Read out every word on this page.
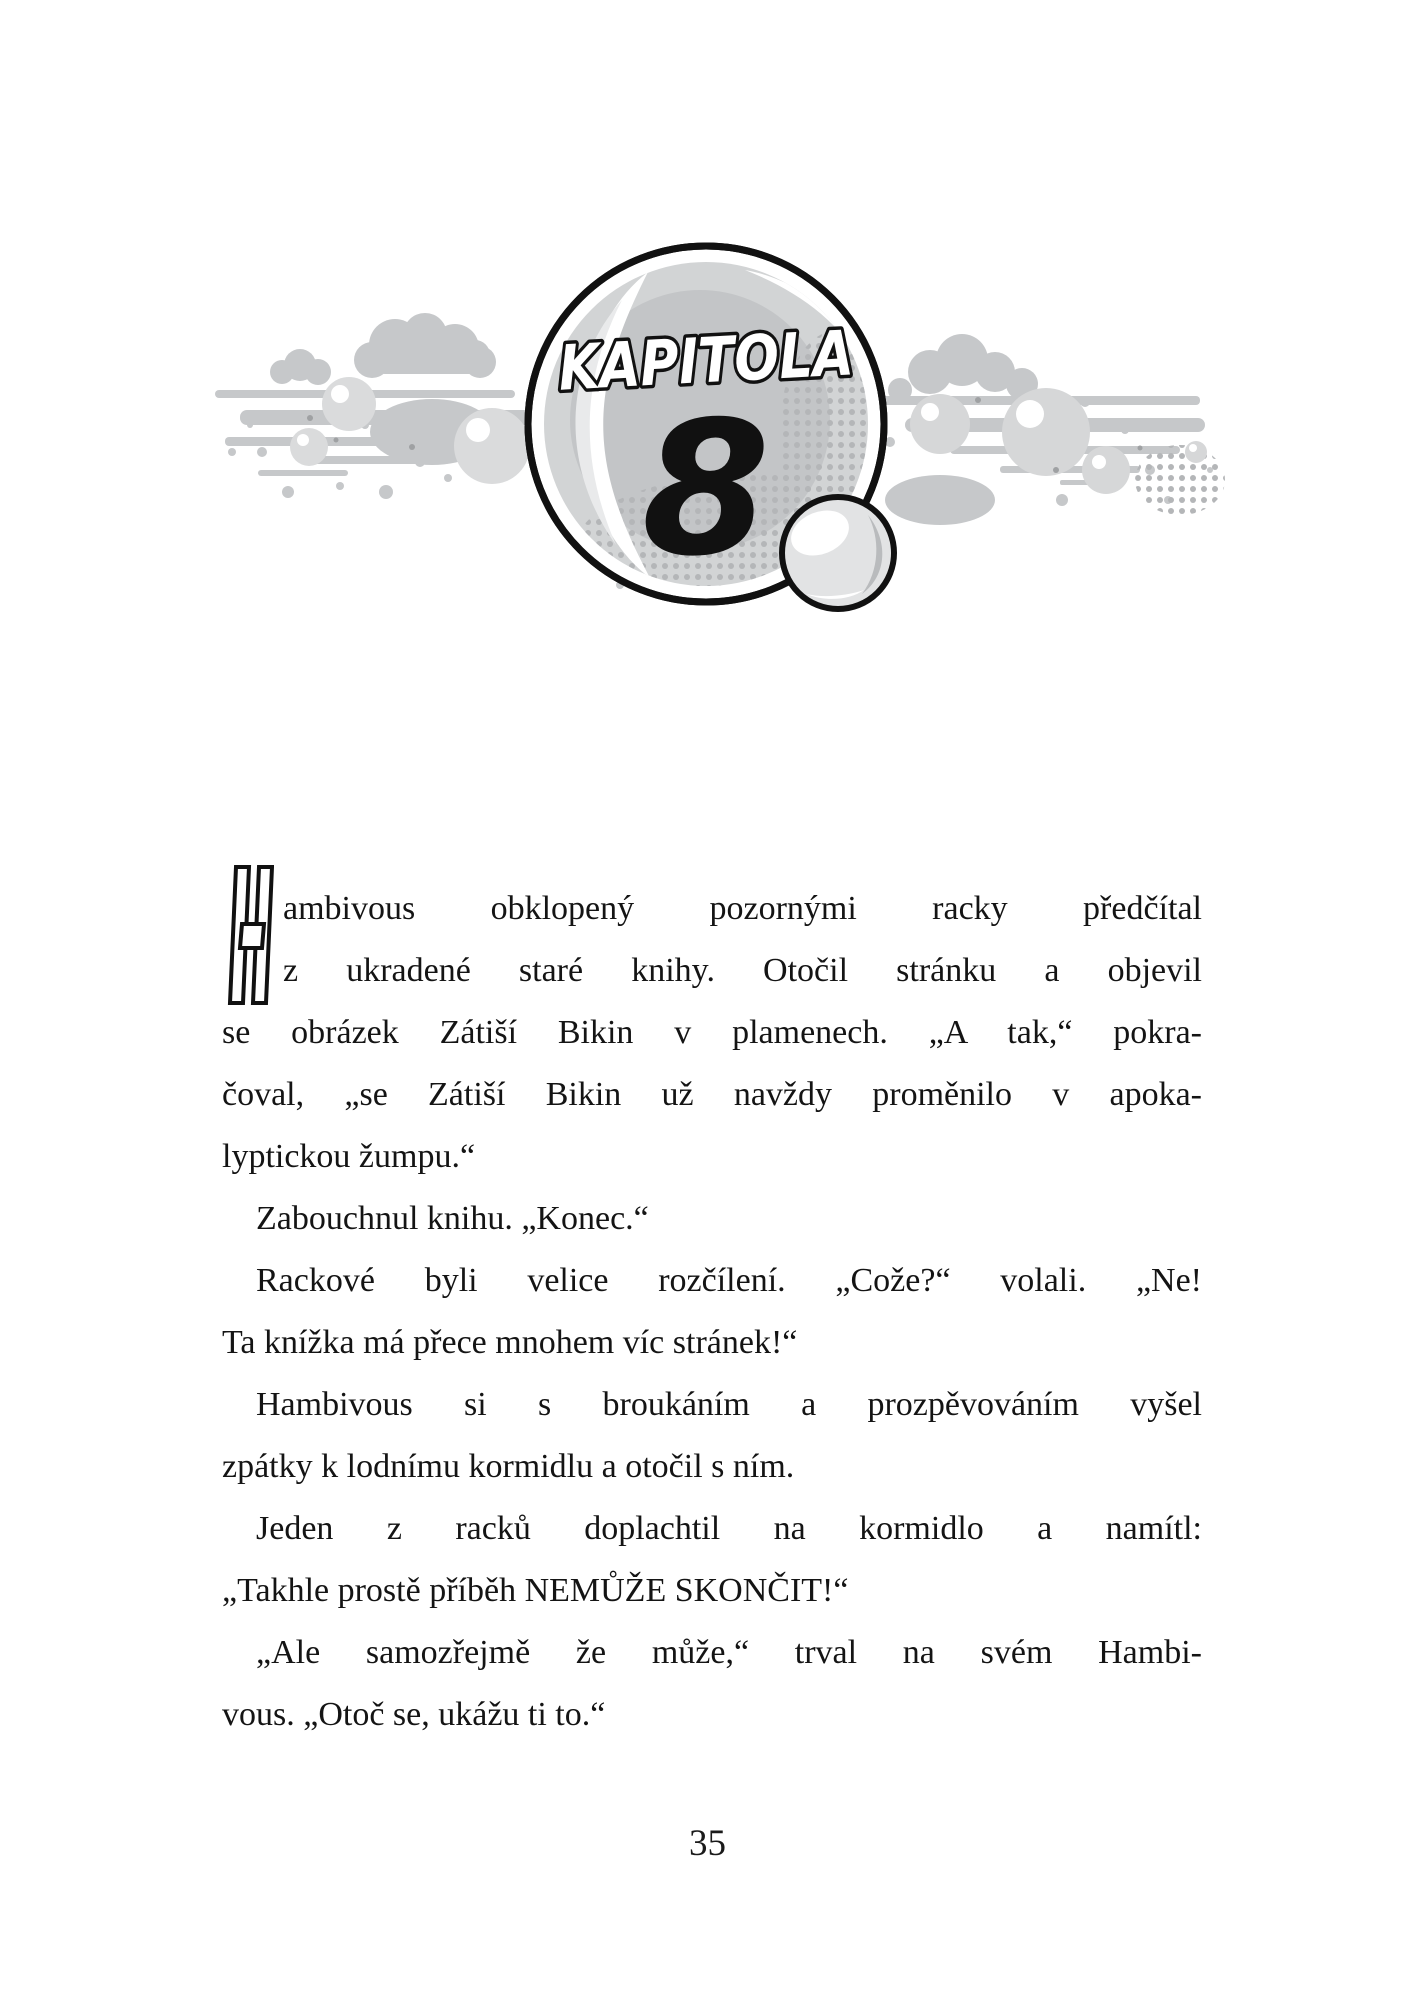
KAPITOLA
8

ambivous obklopený pozornými racky předčítal
z ukradené staré knihy. Otočil stránku a objevil
se obrázek Zátiší Bikin v plamenech. „A tak,“ pokra-
čoval, „se Zátiší Bikin už navždy proměnilo v apoka-
lyptickou žumpu.“

Zabouchnul knihu. „Konec.“

Rackové byli velice rozčílení. „Cože?“ volali. „Ne!
Ta knížka má přece mnohem víc stránek!“

Hambivous si s broukáním a prozpěvováním vyšel
zpátky k lodnímu kormidlu a otočil s ním.

Jeden z racků doplachtil na kormidlo a namítl:
„Takhle prostě příběh NEMŮŽE SKONČIT!“

„Ale samozřejmě že může,“ trval na svém Hambi-
vous. „Otoč se, ukážu ti to.“

35
